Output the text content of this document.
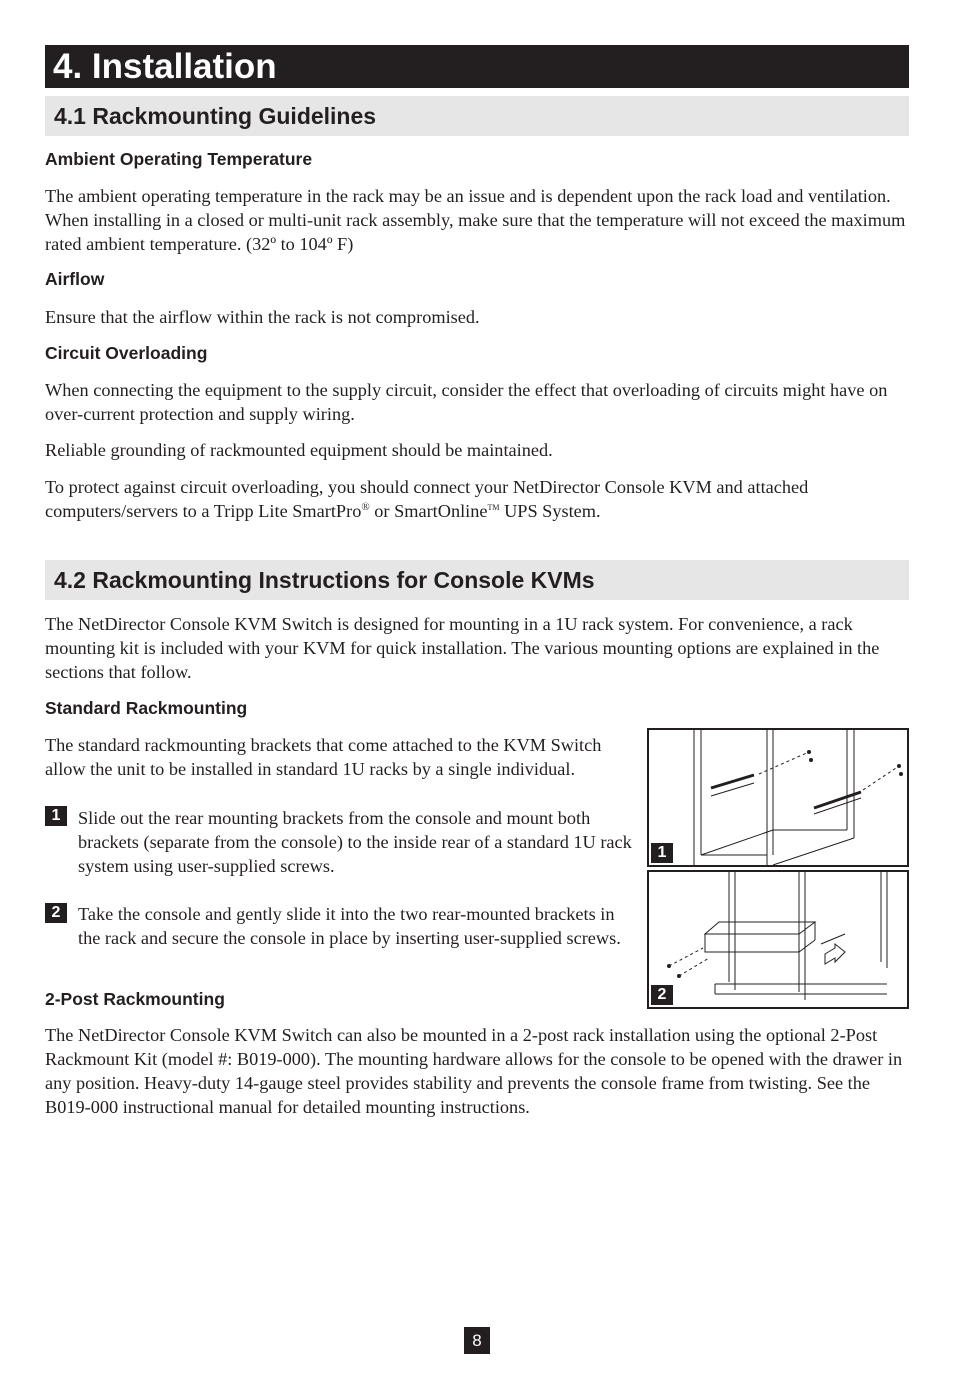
4. Installation
4.1 Rackmounting Guidelines
Ambient Operating Temperature
The ambient operating temperature in the rack may be an issue and is dependent upon the rack load and ventilation. When installing in a closed or multi-unit rack assembly, make sure that the temperature will not exceed the maximum rated ambient temperature. (32º to 104º F)
Airflow
Ensure that the airflow within the rack is not compromised.
Circuit Overloading
When connecting the equipment to the supply circuit, consider the effect that overloading of circuits might have on over-current protection and supply wiring.
Reliable grounding of rackmounted equipment should be maintained.
To protect against circuit overloading, you should connect your NetDirector Console KVM and attached computers/servers to a Tripp Lite SmartPro® or SmartOnline™ UPS System.
4.2 Rackmounting Instructions for Console KVMs
The NetDirector Console KVM Switch is designed for mounting in a 1U rack system. For convenience, a rack mounting kit is included with your KVM for quick installation. The various mounting options are explained in the sections that follow.
Standard Rackmounting
The standard rackmounting brackets that come attached to the KVM Switch allow the unit to be installed in standard 1U racks by a single individual.
1 Slide out the rear mounting brackets from the console and mount both brackets (separate from the console) to the inside rear of a standard 1U rack system using user-supplied screws.
2 Take the console and gently slide it into the two rear-mounted brackets in the rack and secure the console in place by inserting user-supplied screws.
2-Post Rackmounting
The NetDirector Console KVM Switch can also be mounted in a 2-post rack installation using the optional 2-Post Rackmount Kit (model #: B019-000). The mounting hardware allows for the console to be opened with the drawer in any position. Heavy-duty 14-gauge steel provides stability and prevents the console frame from twisting. See the B019-000 instructional manual for detailed mounting instructions.
1
2
8
